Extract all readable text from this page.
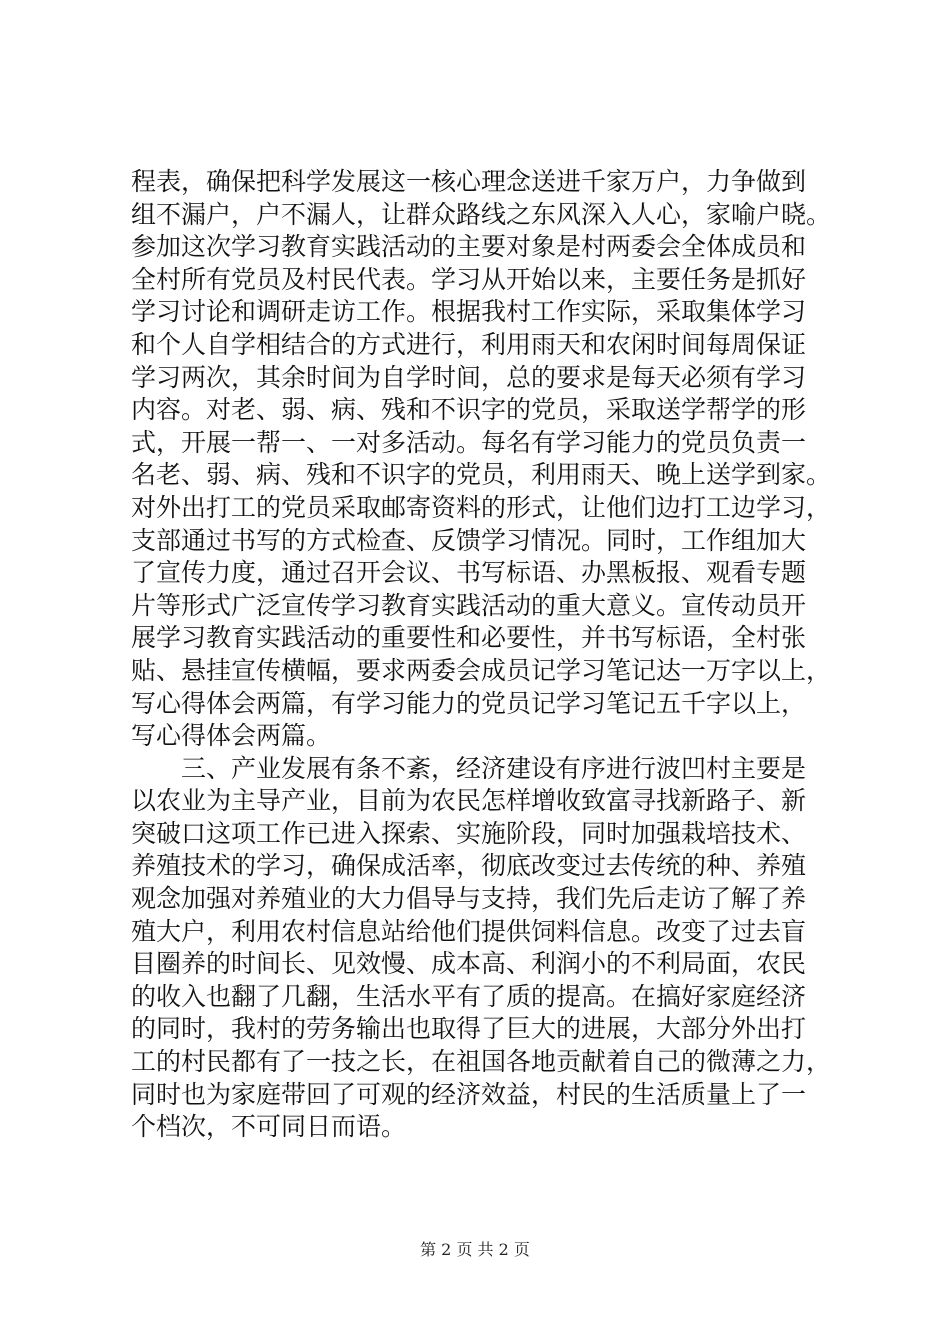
程表，确保把科学发展这一核心理念送进千家万户，力争做到
组不漏户，户不漏人，让群众路线之东风深入人心，家喻户晓。
参加这次学习教育实践活动的主要对象是村两委会全体成员和
全村所有党员及村民代表。学习从开始以来，主要任务是抓好
学习讨论和调研走访工作。根据我村工作实际，采取集体学习
和个人自学相结合的方式进行，利用雨天和农闲时间每周保证
学习两次，其余时间为自学时间，总的要求是每天必须有学习
内容。对老、弱、病、残和不识字的党员，采取送学帮学的形
式，开展一帮一、一对多活动。每名有学习能力的党员负责一
名老、弱、病、残和不识字的党员，利用雨天、晚上送学到家。
对外出打工的党员采取邮寄资料的形式，让他们边打工边学习，
支部通过书写的方式检查、反馈学习情况。同时，工作组加大
了宣传力度，通过召开会议、书写标语、办黑板报、观看专题
片等形式广泛宣传学习教育实践活动的重大意义。宣传动员开
展学习教育实践活动的重要性和必要性，并书写标语，全村张
贴、悬挂宣传横幅，要求两委会成员记学习笔记达一万字以上，
写心得体会两篇，有学习能力的党员记学习笔记五千字以上，
写心得体会两篇。
　　三、产业发展有条不紊，经济建设有序进行波凹村主要是
以农业为主导产业，目前为农民怎样增收致富寻找新路子、新
突破口这项工作已进入探索、实施阶段，同时加强栽培技术、
养殖技术的学习，确保成活率，彻底改变过去传统的种、养殖
观念加强对养殖业的大力倡导与支持，我们先后走访了解了养
殖大户，利用农村信息站给他们提供饲料信息。改变了过去盲
目圈养的时间长、见效慢、成本高、利润小的不利局面，农民
的收入也翻了几翻，生活水平有了质的提高。在搞好家庭经济
的同时，我村的劳务输出也取得了巨大的进展，大部分外出打
工的村民都有了一技之长，在祖国各地贡献着自己的微薄之力，
同时也为家庭带回了可观的经济效益，村民的生活质量上了一
个档次，不可同日而语。
第 2 页 共 2 页
